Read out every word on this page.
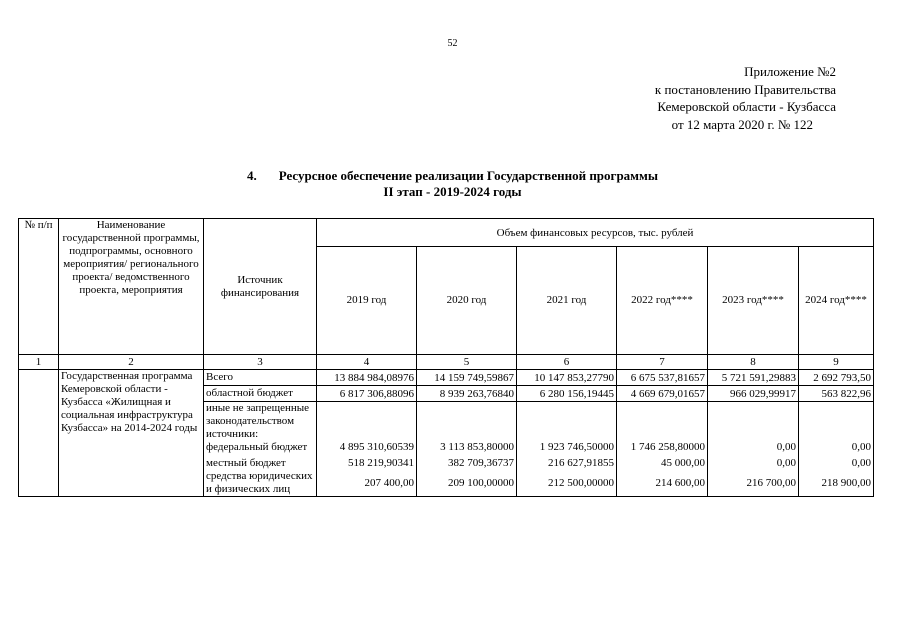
52
Приложение №2
к постановлению Правительства
Кемеровской области - Кузбасса
от 12 марта 2020 г. № 122
4. Ресурсное обеспечение реализации Государственной программы
II этап - 2019-2024 годы
№ п/п	Наименование государственной программы, подпрограммы, основного мероприятия/ регионального проекта/ ведомственного проекта, мероприятия	Источник финансирования	Объем финансовых ресурсов, тыс. рублей					
			2019 год	2020 год	2021 год	2022 год****	2023 год****	2024 год****
1	2	3	4	5	6	7	8	9
	Государственная программа Кемеровской области - Кузбасса «Жилищная и социальная инфраструктура Кузбасса» на 2014-2024 годы	Всего	13 884 984,08976	14 159 749,59867	10 147 853,27790	6 675 537,81657	5 721 591,29883	2 692 793,50
		областной бюджет	6 817 306,88096	8 939 263,76840	6 280 156,19445	4 669 679,01657	966 029,99917	563 822,96
		иные не запрещенные законодательством источники:						
		федеральный бюджет	4 895 310,60539	3 113 853,80000	1 923 746,50000	1 746 258,80000	0,00	0,00
		местный бюджет	518 219,90341	382 709,36737	216 627,91855	45 000,00	0,00	0,00
		средства юридических и физических лиц	207 400,00	209 100,00000	212 500,00000	214 600,00	216 700,00	218 900,00
